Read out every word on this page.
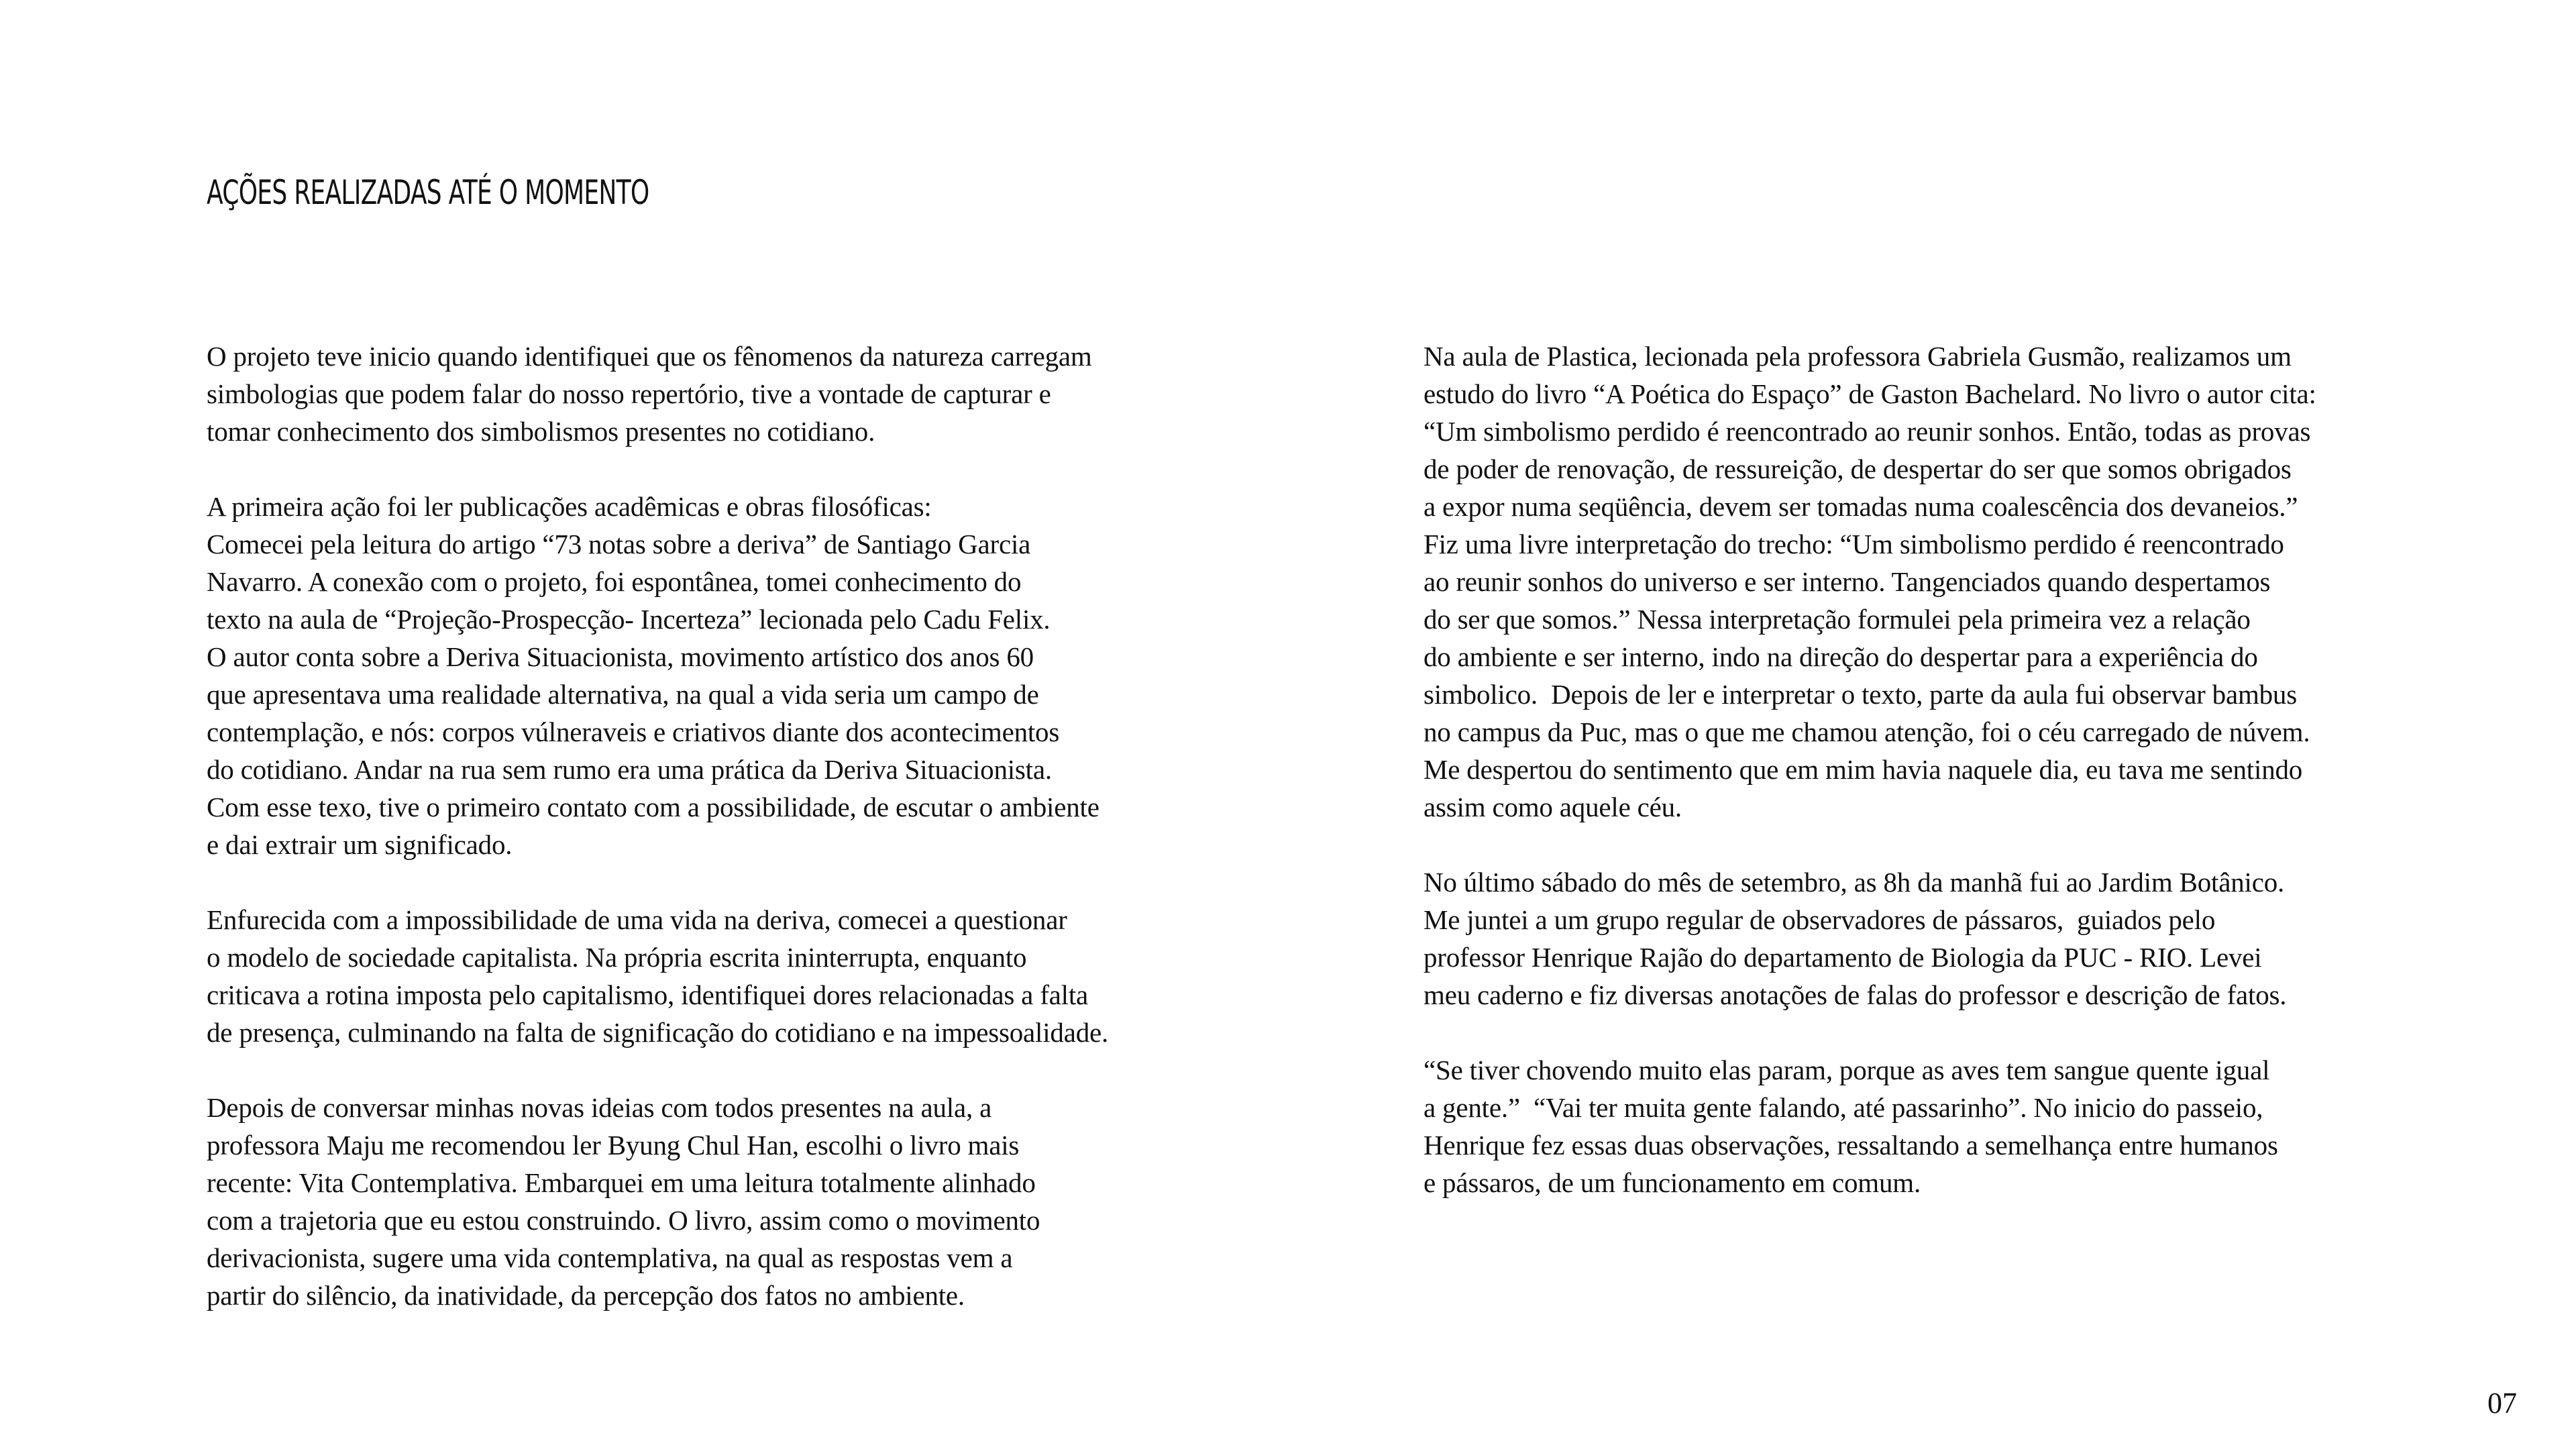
AÇÕES REALIZADAS ATÉ O MOMENTO

O projeto teve inicio quando identifiquei que os fênomenos da natureza carregam
simbologias que podem falar do nosso repertório, tive a vontade de capturar e
tomar conhecimento dos simbolismos presentes no cotidiano.

A primeira ação foi ler publicações acadêmicas e obras filosóficas:
Comecei pela leitura do artigo “73 notas sobre a deriva” de Santiago Garcia
Navarro. A conexão com o projeto, foi espontânea, tomei conhecimento do
texto na aula de “Projeção-Prospecção- Incerteza” lecionada pelo Cadu Felix.
O autor conta sobre a Deriva Situacionista, movimento artístico dos anos 60
que apresentava uma realidade alternativa, na qual a vida seria um campo de
contemplação, e nós: corpos vúlneraveis e criativos diante dos acontecimentos
do cotidiano. Andar na rua sem rumo era uma prática da Deriva Situacionista.
Com esse texo, tive o primeiro contato com a possibilidade, de escutar o ambiente
e dai extrair um significado.

Enfurecida com a impossibilidade de uma vida na deriva, comecei a questionar
o modelo de sociedade capitalista. Na própria escrita ininterrupta, enquanto
criticava a rotina imposta pelo capitalismo, identifiquei dores relacionadas a falta
de presença, culminando na falta de significação do cotidiano e na impessoalidade.

Depois de conversar minhas novas ideias com todos presentes na aula, a
professora Maju me recomendou ler Byung Chul Han, escolhi o livro mais
recente: Vita Contemplativa. Embarquei em uma leitura totalmente alinhado
com a trajetoria que eu estou construindo. O livro, assim como o movimento
derivacionista, sugere uma vida contemplativa, na qual as respostas vem a
partir do silêncio, da inatividade, da percepção dos fatos no ambiente.

Na aula de Plastica, lecionada pela professora Gabriela Gusmão, realizamos um
estudo do livro “A Poética do Espaço” de Gaston Bachelard. No livro o autor cita:
“Um simbolismo perdido é reencontrado ao reunir sonhos. Então, todas as provas
de poder de renovação, de ressureição, de despertar do ser que somos obrigados
a expor numa seqüência, devem ser tomadas numa coalescência dos devaneios.”
Fiz uma livre interpretação do trecho: “Um simbolismo perdido é reencontrado
ao reunir sonhos do universo e ser interno. Tangenciados quando despertamos
do ser que somos.” Nessa interpretação formulei pela primeira vez a relação
do ambiente e ser interno, indo na direção do despertar para a experiência do
simbolico.  Depois de ler e interpretar o texto, parte da aula fui observar bambus
no campus da Puc, mas o que me chamou atenção, foi o céu carregado de núvem.
Me despertou do sentimento que em mim havia naquele dia, eu tava me sentindo
assim como aquele céu.

No último sábado do mês de setembro, as 8h da manhã fui ao Jardim Botânico.
Me juntei a um grupo regular de observadores de pássaros,  guiados pelo
professor Henrique Rajão do departamento de Biologia da PUC - RIO. Levei
meu caderno e fiz diversas anotações de falas do professor e descrição de fatos.

“Se tiver chovendo muito elas param, porque as aves tem sangue quente igual
a gente.”  “Vai ter muita gente falando, até passarinho”. No inicio do passeio,
Henrique fez essas duas observações, ressaltando a semelhança entre humanos
e pássaros, de um funcionamento em comum.

07
